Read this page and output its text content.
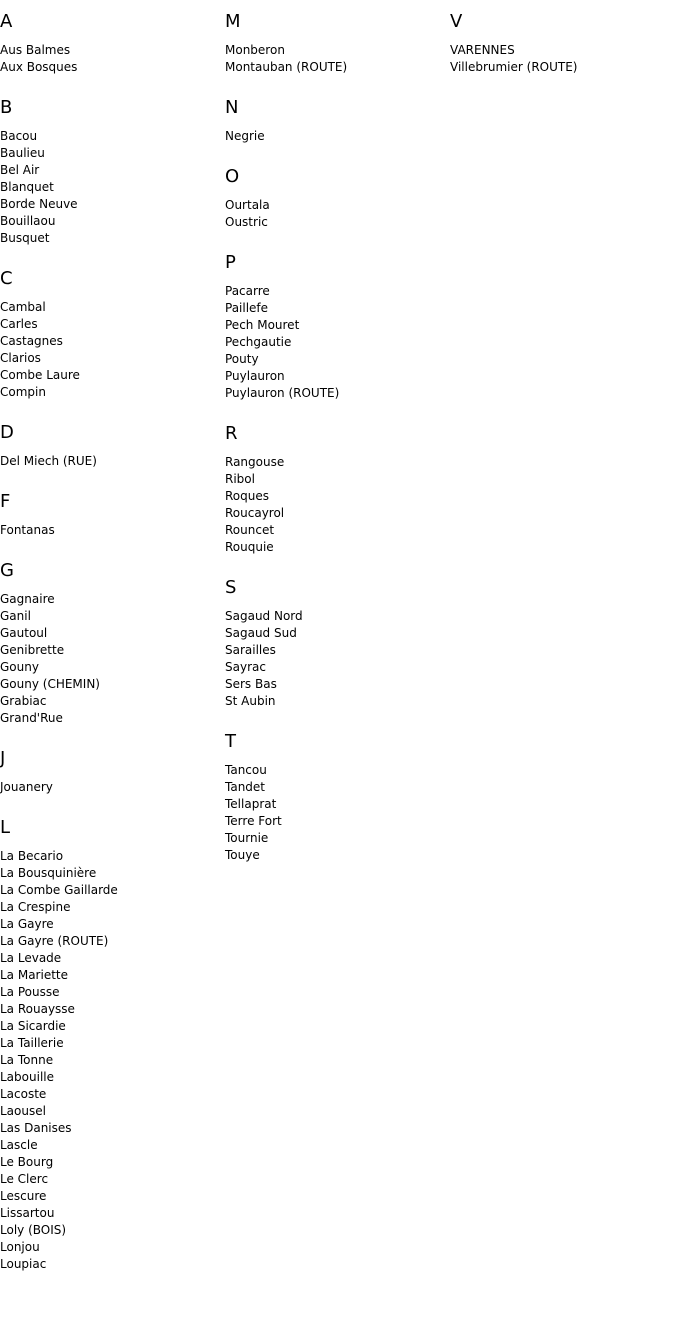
A
Aus Balmes
Aux Bosques
B
Bacou
Baulieu
Bel Air
Blanquet
Borde Neuve
Bouillaou
Busquet
C
Cambal
Carles
Castagnes
Clarios
Combe Laure
Compin
D
Del Miech (RUE)
F
Fontanas
G
Gagnaire
Ganil
Gautoul
Genibrette
Gouny
Gouny (CHEMIN)
Grabiac
Grand'Rue
J
Jouanery
L
La Becario
La Bousquinière
La Combe Gaillarde
La Crespine
La Gayre
La Gayre (ROUTE)
La Levade
La Mariette
La Pousse
La Rouaysse
La Sicardie
La Taillerie
La Tonne
Labouille
Lacoste
Laousel
Las Danises
Lascle
Le Bourg
Le Clerc
Lescure
Lissartou
Loly (BOIS)
Lonjou
Loupiac
M
Monberon
Montauban (ROUTE)
N
Negrie
O
Ourtala
Oustric
P
Pacarre
Paillefe
Pech Mouret
Pechgautie
Pouty
Puylauron
Puylauron (ROUTE)
R
Rangouse
Ribol
Roques
Roucayrol
Rouncet
Rouquie
S
Sagaud Nord
Sagaud Sud
Sarailles
Sayrac
Sers Bas
St Aubin
T
Tancou
Tandet
Tellaprat
Terre Fort
Tournie
Touye
V
VARENNES
Villebrumier (ROUTE)
